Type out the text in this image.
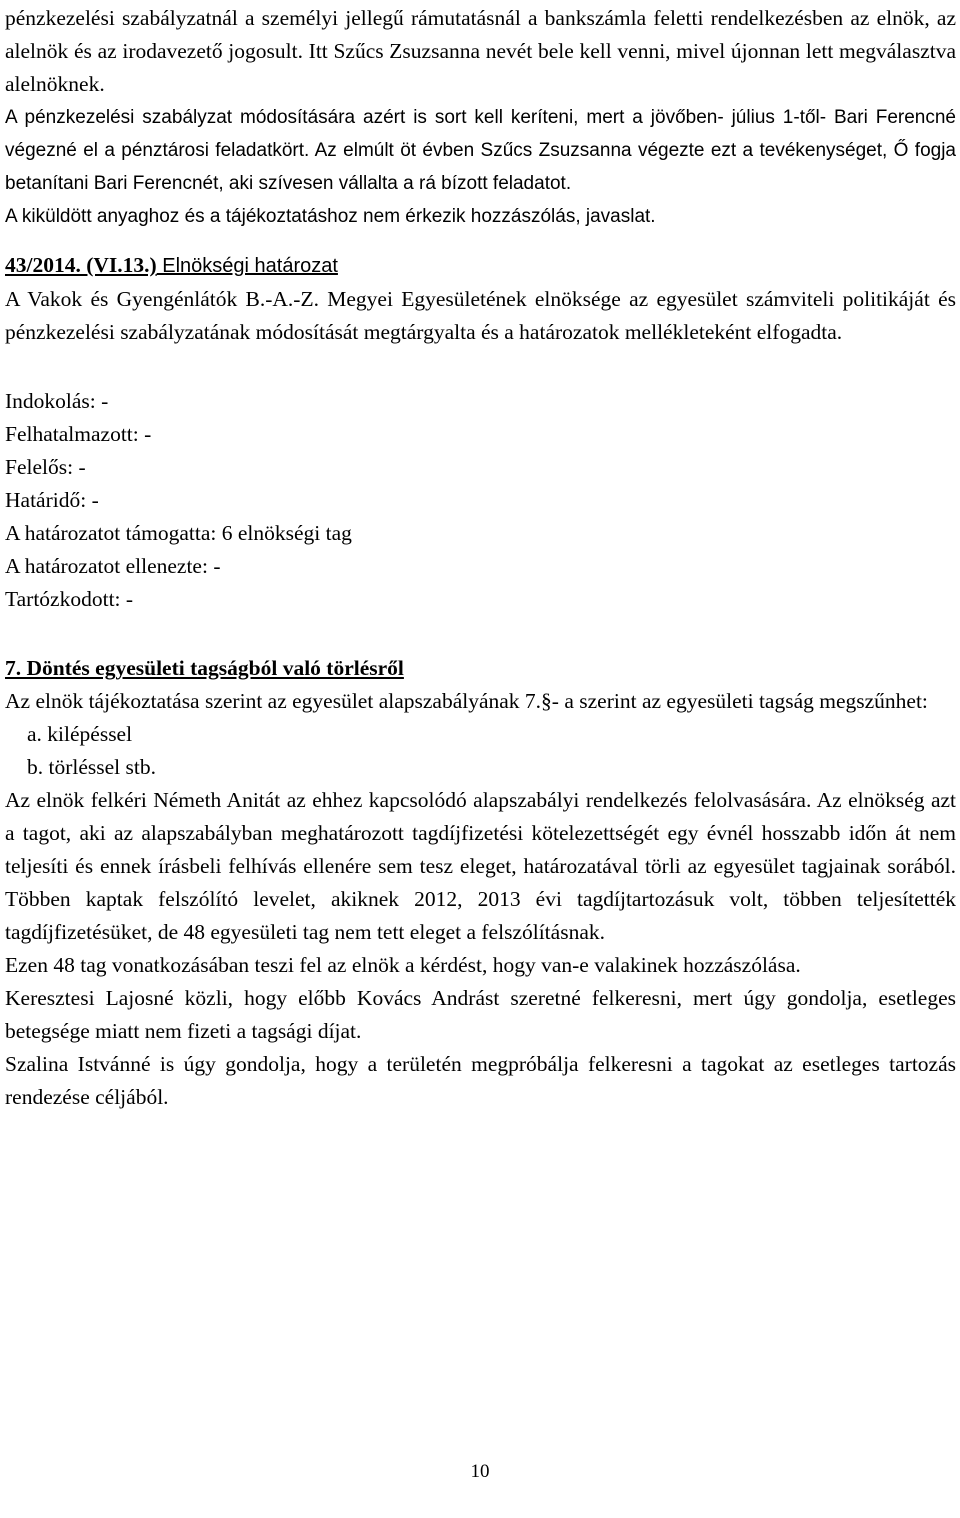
pénzkezelési szabályzatnál a személyi jellegű rámutatásnál a bankszámla feletti rendelkezésben az elnök, az alelnök és az irodavezető jogosult. Itt Szűcs Zsuzsanna nevét bele kell venni, mivel újonnan lett megválasztva alelnöknek.

A pénzkezelési szabályzat módosítására azért is sort kell keríteni, mert a jövőben- július 1-től- Bari Ferencné végezné el a pénztárosi feladatkört. Az elmúlt öt évben Szűcs Zsuzsanna végezte ezt a tevékenységet, Ő fogja betanítani Bari Ferencnét, aki szívesen vállalta a rá bízott feladatot.

A kiküldött anyaghoz és a tájékoztatáshoz nem érkezik hozzászólás, javaslat.

43/2014. (VI.13.) Elnökségi határozat

A Vakok és Gyengénlátók B.-A.-Z. Megyei Egyesületének elnöksége az egyesület számviteli politikáját és pénzkezelési szabályzatának módosítását megtárgyalta és a határozatok mellékleteként elfogadta.

Indokolás: -

Felhatalmazott: -

Felelős: -

Határidő: -

A határozatot támogatta: 6 elnökségi tag

A határozatot ellenezte: -

Tartózkodott: -

7. Döntés egyesületi tagságból való törlésről

Az elnök tájékoztatása szerint az egyesület alapszabályának 7.§- a szerint az egyesületi tagság megszűnhet:

a. kilépéssel
b. törléssel stb.

Az elnök felkéri Németh Anitát az ehhez kapcsolódó alapszabályi rendelkezés felolvasására. Az elnökség azt a tagot, aki az alapszabályban meghatározott tagdíjfizetési kötelezettségét egy évnél hosszabb időn át nem teljesíti és ennek írásbeli felhívás ellenére sem tesz eleget, határozatával törli az egyesület tagjainak sorából. Többen kaptak felszólító levelet, akiknek 2012, 2013 évi tagdíjtartozásuk volt, többen teljesítették tagdíjfizetésüket, de 48 egyesületi tag nem tett eleget a felszólításnak.

Ezen 48 tag vonatkozásában teszi fel az elnök a kérdést, hogy van-e valakinek hozzászólása.

Keresztesi Lajosné közli, hogy előbb Kovács Andrást szeretné felkeresni, mert úgy gondolja, esetleges betegsége miatt nem fizeti a tagsági díjat.

Szalina Istvánné is úgy gondolja, hogy a területén megpróbálja felkeresni a tagokat az esetleges tartozás rendezése céljából.

10
